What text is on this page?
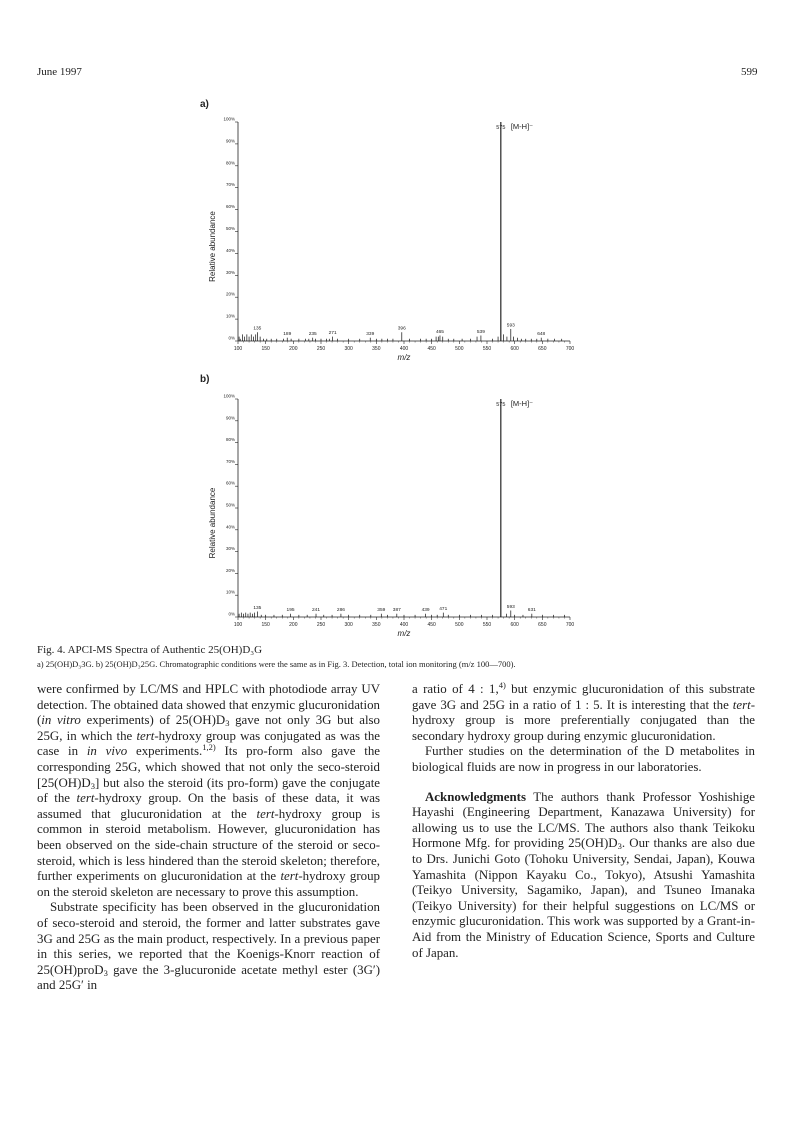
June 1997	599
a)
0%
10%
20%
30%
40%
50%
60%
70%
80%
90%
100%
100	150	200	250	300	350	400	450	500	550	600	650	700
135
189	235 271	339
396
465	539
593
648
575 [M-H]⁻
m/z
Relative abundance
b)
0%
10%
20%
30%
40%
50%
60%
70%
80%
90%
100%
100	150	200	250	300	350	400	450	500	550	600	650	700
135	195	241	286	359 387	439 471	593
631
575 [M-H]⁻
m/z
Relative abundance
Fig. 4. APCI-MS Spectra of Authentic 25(OH)D₃G
a) 25(OH)D₃3G. b) 25(OH)D₃25G. Chromatographic conditions were the same as in Fig. 3. Detection, total ion monitoring (m/z 100—700).

were confirmed by LC/MS and HPLC with photodiode array UV detection. The obtained data showed that enzymic glucuronidation (in vitro experiments) of $25(OH)D_3$ gave not only 3G but also 25G, in which the tert-hydroxy group was conjugated as was the case in in vivo experiments.$^{1,2)}$ Its pro-form also gave the corresponding 25G, which showed that not only the seco-steroid $[25(OH)D_3]$ but also the steroid (its pro-form) gave the conjugate of the tert-hydroxy group. On the basis of these data, it was assumed that glucuronidation at the tert-hydroxy group is common in steroid metabolism. However, glucuronidation has been observed on the side-chain structure of the steroid or seco-steroid, which is less hindered than the steroid skeleton; therefore, further experiments on glucuronidation at the tert-hydroxy group on the steroid skeleton are necessary to prove this assumption.

Substrate specificity has been observed in the glucuronidation of seco-steroid and steroid, the former and latter substrates gave 3G and 25G as the main product, respectively. In a previous paper in this series, we reported that the Koenigs-Knorr reaction of 25(OH)proD$_3$ gave the 3-glucuronide acetate methyl ester (3G′) and 25G′ in

a ratio of 4 : 1,$^{4)}$ but enzymic glucuronidation of this substrate gave 3G and 25G in a ratio of 1 : 5. It is interesting that the tert-hydroxy group is more preferentially conjugated than the secondary hydroxy group during enzymic glucuronidation.

Further studies on the determination of the D metabolites in biological fluids are now in progress in our laboratories.

Acknowledgments The authors thank Professor Yoshishige Hayashi (Engineering Department, Kanazawa University) for allowing us to use the LC/MS. The authors also thank Teikoku Hormone Mfg. for providing $25(OH)D_3$. Our thanks are also due to Drs. Junichi Goto (Tohoku University, Sendai, Japan), Kouwa Yamashita (Nippon Kayaku Co., Tokyo), Atsushi Yamashita (Teikyo University, Sagamiko, Japan), and Tsuneo Imanaka (Teikyo University) for their helpful suggestions on LC/MS or enzymic glucuronidation. This work was supported by a Grant-in-Aid from the Ministry of Education Science, Sports and Culture of Japan.
